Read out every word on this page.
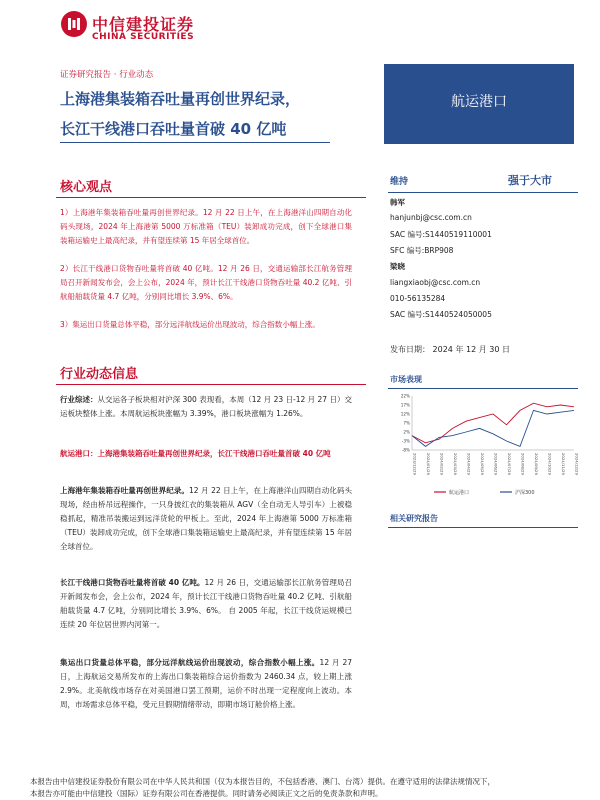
中信建投证券
CHINA SECURITIES
证券研究报告 · 行业动态
上海港集装箱吞吐量再创世界纪录，
长江干线港口吞吐量首破 40 亿吨
航运港口
核心观点
1）上海港年集装箱吞吐量再创世界纪录。12 月 22 日上午，在上海港洋山四期自动化码头现场，2024 年上海港第 5000 万标准箱（TEU）装卸成功完成，创下全球港口集装箱运输史上最高纪录，并有望连续第 15 年居全球首位。
2）长江干线港口货物吞吐量将首破 40 亿吨。12 月 26 日，交通运输部长江航务管理局召开新闻发布会，会上公布，2024 年，预计长江干线港口货物吞吐量 40.2 亿吨、引航船舶载货量 4.7 亿吨，分别同比增长 3.9%、6%。
3）集运出口货量总体平稳，部分远洋航线运价出现波动，综合指数小幅上涨。
行业动态信息
行业综述：从交运各子板块相对沪深 300 表现看，本周（12 月 23 日-12 月 27 日）交运板块整体上涨。本周航运板块涨幅为 3.39%，港口板块涨幅为 1.26%。
航运港口：上海港集装箱吞吐量再创世界纪录，长江干线港口吞吐量首破 40 亿吨
上海港年集装箱吞吐量再创世界纪录。12 月 22 日上午，在上海港洋山四期自动化码头现场，经由桥吊远程操作，一只身披红衣的集装箱从 AGV（全自动无人导引车）上被稳稳抓起，精准吊装搬运到远洋货轮的甲板上。至此，2024 年上海港第 5000 万标准箱（TEU）装卸成功完成，创下全球港口集装箱运输史上最高纪录，并有望连续第 15 年居全球首位。
长江干线港口货物吞吐量将首破 40 亿吨。12 月 26 日，交通运输部长江航务管理局召开新闻发布会，会上公布，2024 年，预计长江干线港口货物吞吐量 40.2 亿吨、引航船舶载货量 4.7 亿吨，分别同比增长 3.9%、6%。 自 2005 年起，长江干线货运规模已连续 20 年位居世界内河第一。
集运出口货量总体平稳，部分远洋航线运价出现波动，综合指数小幅上涨。12 月 27 日，上海航运交易所发布的上海出口集装箱综合运价指数为 2460.34 点，较上期上涨 2.9%。北美航线市场存在对美国港口罢工预期，运价不时出现一定程度向上波动。本周，市场需求总体平稳，受元旦假期情绪带动，即期市场订舱价格上涨。
维持	强于大市
韩军
hanjunbj@csc.com.cn
SAC 编号:S1440519110001
SFC 编号:BRP908
梁晓
liangxiaobj@csc.com.cn
010-56135284
SAC 编号:S1440524050005
发布日期： 2024 年 12 月 30 日
市场表现
22%
17%
12%
7%
2%
-3%
-8%
2023/12/29 2024/01/29 2024/02/29 2024/03/29 2024/04/29 2024/05/29 2024/06/29 2024/07/29 2024/08/29 2024/09/29 2024/10/29 2024/11/29 2024/12/29
航运港口	沪深300
相关研究报告
本报告由中信建投证券股份有限公司在中华人民共和国（仅为本报告目的，不包括香港、澳门、台湾）提供。在遵守适用的法律法规情况下，
本报告亦可能由中信建投（国际）证券有限公司在香港提供。同时请务必阅读正文之后的免责条款和声明。
